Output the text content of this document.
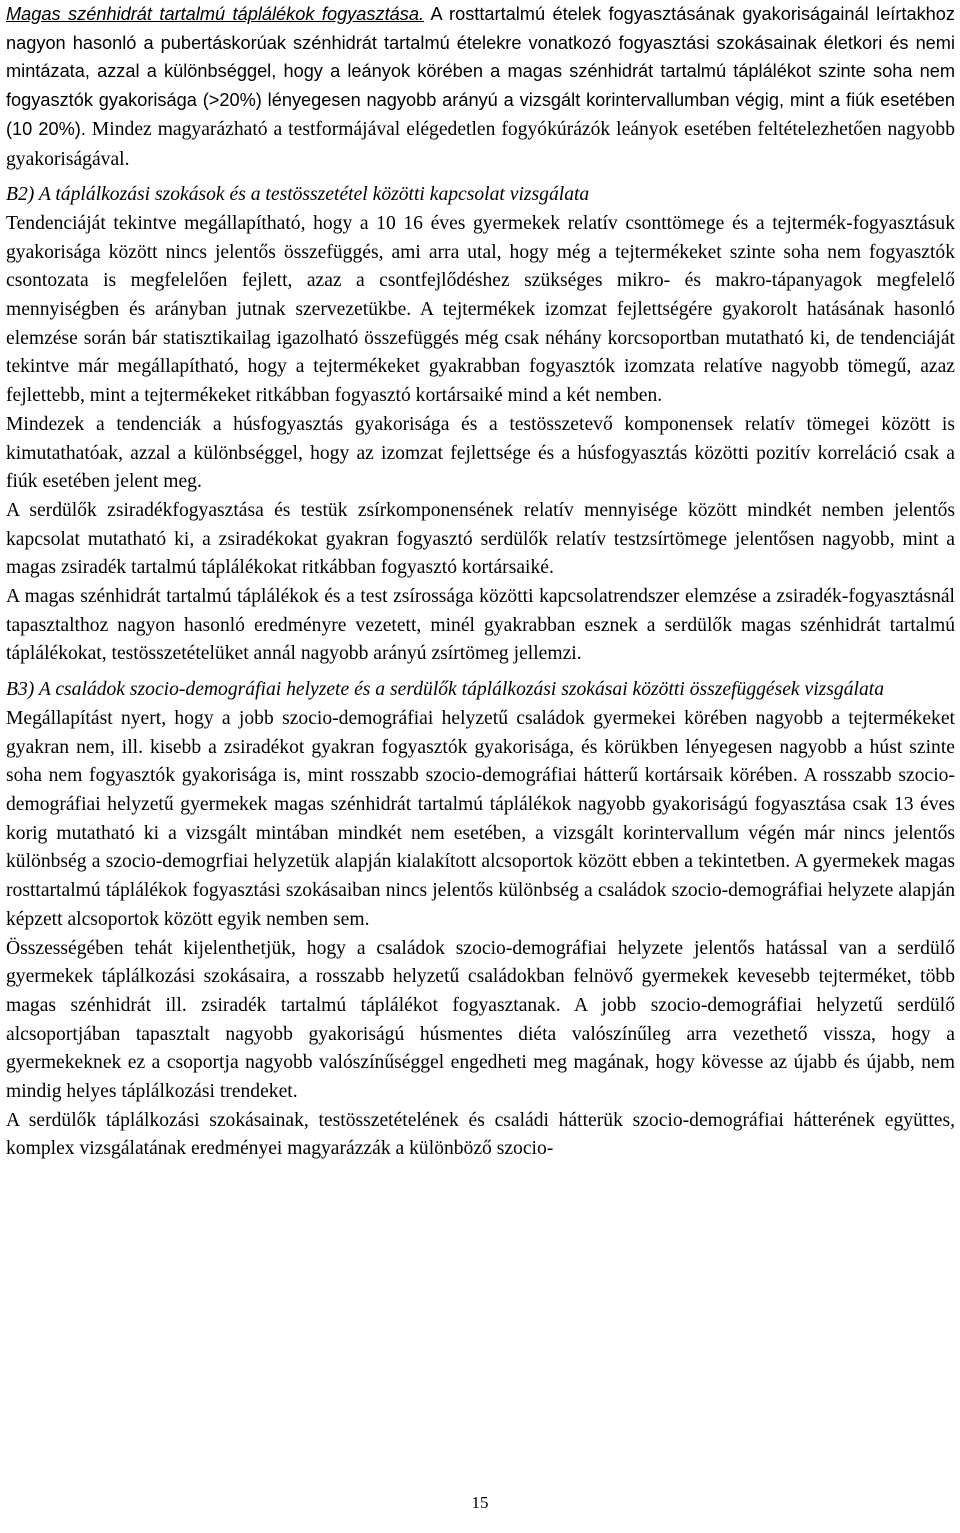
Magas szénhidrát tartalmú táplálékok fogyasztása. A rosttartalmú ételek fogyasztásának gyakoriságainál leírtakhoz nagyon hasonló a pubertáskorúak szénhidrát tartalmú ételekre vonatkozó fogyasztási szokásainak életkori és nemi mintázata, azzal a különbséggel, hogy a leányok körében a magas szénhidrát tartalmú táplálékot szinte soha nem fogyasztók gyakorisága (>20%) lényegesen nagyobb arányú a vizsgált korintervallumban végig, mint a fiúk esetében (10 20%). Mindez magyarázható a testformájával elégedetlen fogyókúrázók leányok esetében feltételezhetően nagyobb gyakoriságával.

B2) A táplálkozási szokások és a testösszetétel közötti kapcsolat vizsgálata

Tendenciáját tekintve megállapítható, hogy a 10 16 éves gyermekek relatív csonttömege és a tejtermék-fogyasztásuk gyakorisága között nincs jelentős összefüggés, ami arra utal, hogy még a tejtermékeket szinte soha nem fogyasztók csontozata is megfelelően fejlett, azaz a csontfejlődéshez szükséges mikro- és makro-tápanyagok megfelelő mennyiségben és arányban jutnak szervezetükbe. A tejtermékek izomzat fejlettségére gyakorolt hatásának hasonló elemzése során bár statisztikailag igazolható összefüggés még csak néhány korcsoportban mutatható ki, de tendenciáját tekintve már megállapítható, hogy a tejtermékeket gyakrabban fogyasztók izomzata relatíve nagyobb tömegű, azaz fejlettebb, mint a tejtermékeket ritkábban fogyasztó kortársaiké mind a két nemben.

Mindezek a tendenciák a húsfogyasztás gyakorisága és a testösszetevő komponensek relatív tömegei között is kimutathatóak, azzal a különbséggel, hogy az izomzat fejlettsége és a húsfogyasztás közötti pozitív korreláció csak a fiúk esetében jelent meg.

A serdülők zsiradékfogyasztása és testük zsírkomponensének relatív mennyisége között mindkét nemben jelentős kapcsolat mutatható ki, a zsiradékokat gyakran fogyasztó serdülők relatív testzsírtömege jelentősen nagyobb, mint a magas zsiradék tartalmú táplálékokat ritkábban fogyasztó kortársaiké.

A magas szénhidrát tartalmú táplálékok és a test zsírossága közötti kapcsolatrendszer elemzése a zsiradék-fogyasztásnál tapasztalthoz nagyon hasonló eredményre vezetett, minél gyakrabban esznek a serdülők magas szénhidrát tartalmú táplálékokat, testösszetételüket annál nagyobb arányú zsírtömeg jellemzi.

B3) A családok szocio-demográfiai helyzete és a serdülők táplálkozási szokásai közötti összefüggések vizsgálata

Megállapítást nyert, hogy a jobb szocio-demográfiai helyzetű családok gyermekei körében nagyobb a tejtermékeket gyakran nem, ill. kisebb a zsiradékot gyakran fogyasztók gyakorisága, és körükben lényegesen nagyobb a húst szinte soha nem fogyasztók gyakorisága is, mint rosszabb szocio-demográfiai hátterű kortársaik körében. A rosszabb szocio-demográfiai helyzetű gyermekek magas szénhidrát tartalmú táplálékok nagyobb gyakoriságú fogyasztása csak 13 éves korig mutatható ki a vizsgált mintában mindkét nem esetében, a vizsgált korintervallum végén már nincs jelentős különbség a szocio-demogrfiai helyzetük alapján kialakított alcsoportok között ebben a tekintetben. A gyermekek magas rosttartalmú táplálékok fogyasztási szokásaiban nincs jelentős különbség a családok szocio-demográfiai helyzete alapján képzett alcsoportok között egyik nemben sem.

Összességében tehát kijelenthetjük, hogy a családok szocio-demográfiai helyzete jelentős hatással van a serdülő gyermekek táplálkozási szokásaira, a rosszabb helyzetű családokban felnövő gyermekek kevesebb tejterméket, több magas szénhidrát ill. zsiradék tartalmú táplálékot fogyasztanak. A jobb szocio-demográfiai helyzetű serdülő alcsoportjában tapasztalt nagyobb gyakoriságú húsmentes diéta valószínűleg arra vezethető vissza, hogy a gyermekeknek ez a csoportja nagyobb valószínűséggel engedheti meg magának, hogy kövesse az újabb és újabb, nem mindig helyes táplálkozási trendeket.

A serdülők táplálkozási szokásainak, testösszetételének és családi hátterük szocio-demográfiai hátterének együttes, komplex vizsgálatának eredményei magyarázzák a különböző szocio-

15
